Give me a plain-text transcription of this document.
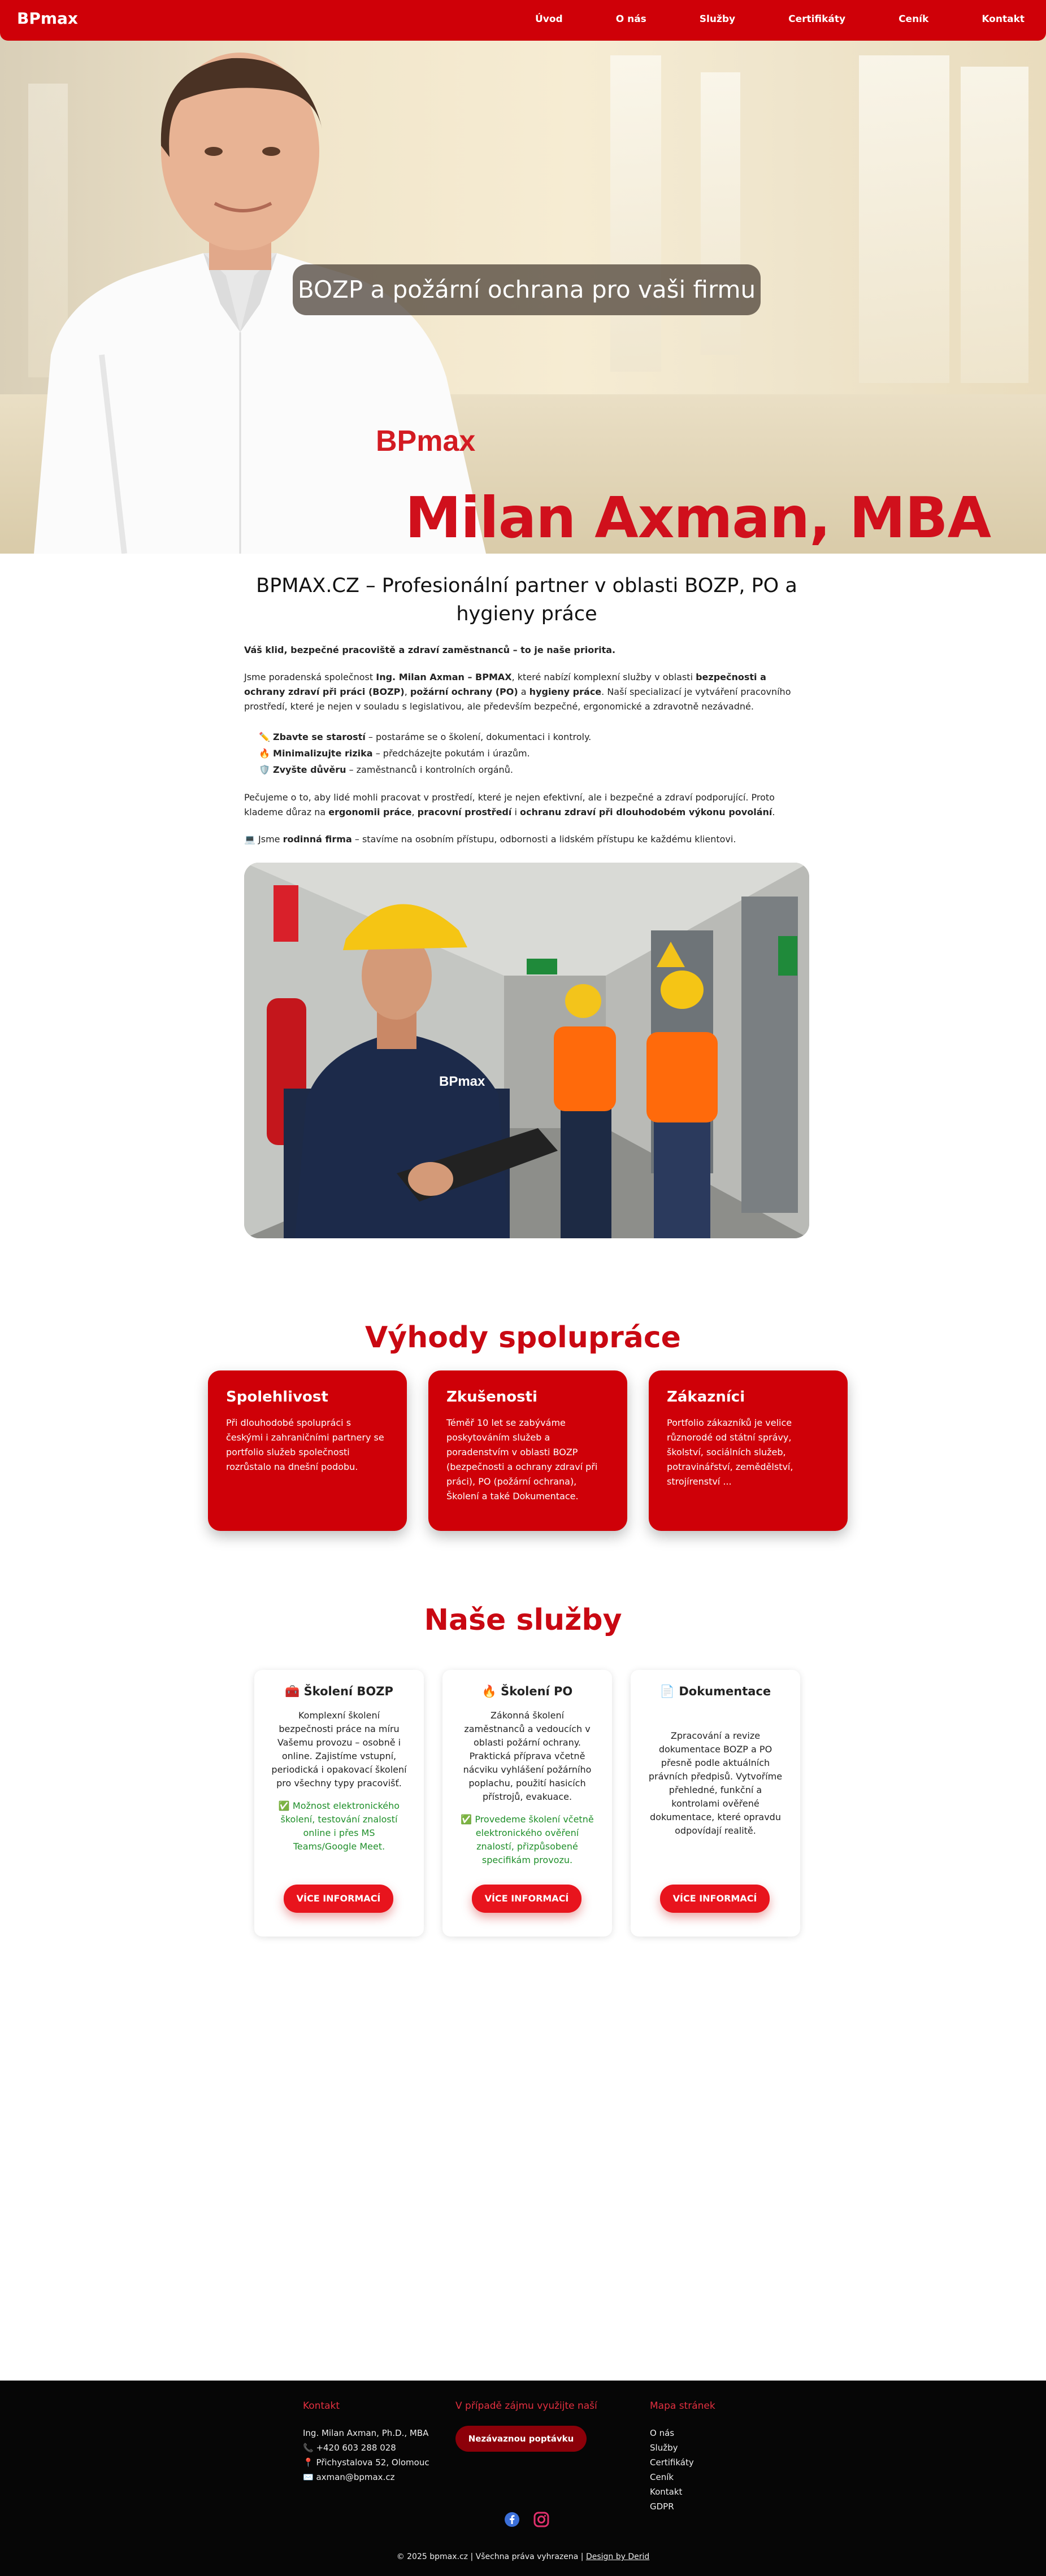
BPmax	Úvod	O nás	Služby	Certifikáty	Ceník	Kontakt
BPmax
BOZP a požární ochrana pro vaši firmu
Milan Axman, MBA
BPMAX.CZ – Profesionální partner v oblasti BOZP, PO a hygieny práce

Váš klid, bezpečné pracoviště a zdraví zaměstnanců – to je naše priorita.

Jsme poradenská společnost Ing. Milan Axman – BPMAX, které nabízí komplexní služby v oblasti bezpečnosti a ochrany zdraví při práci (BOZP), požární ochrany (PO) a hygieny práce. Naší specializací je vytváření pracovního prostředí, které je nejen v souladu s legislativou, ale především bezpečné, ergonomické a zdravotně nezávadné.

✏️ Zbavte se starostí – postaráme se o školení, dokumentaci i kontroly.
🔥 Minimalizujte rizika – předcházejte pokutám i úrazům.
🛡️ Zvyšte důvěru – zaměstnanců i kontrolních orgánů.

Pečujeme o to, aby lidé mohli pracovat v prostředí, které je nejen efektivní, ale i bezpečné a zdraví podporující. Proto klademe důraz na ergonomii práce, pracovní prostředí i ochranu zdraví při dlouhodobém výkonu povolání.

💻 Jsme rodinná firma – stavíme na osobním přístupu, odbornosti a lidském přístupu ke každému klientovi.

BPmax
Výhody spolupráce
Spolehlivost

Při dlouhodobé spolupráci s českými i zahraničními partnery se portfolio služeb společnosti rozrůstalo na dnešní podobu.

Zkušenosti

Téměř 10 let se zabýváme poskytováním služeb a poradenstvím v oblasti BOZP (bezpečnosti a ochrany zdraví při práci), PO (požární ochrana), Školení a také Dokumentace.

Zákazníci

Portfolio zákazníků je velice různorodé od státní správy, školství, sociálních služeb, potravinářství, zemědělství, strojírenství ...

Naše služby
🧰 Školení BOZP

Komplexní školení bezpečnosti práce na míru Vašemu provozu – osobně i online. Zajistíme vstupní, periodická i opakovací školení pro všechny typy pracovišť.

✅ Možnost elektronického školení, testování znalostí online i přes MS Teams/Google Meet.

VÍCE INFORMACÍ
🔥 Školení PO

Zákonná školení zaměstnanců a vedoucích v oblasti požární ochrany. Praktická příprava včetně nácviku vyhlášení požárního poplachu, použití hasicích přístrojů, evakuace.

✅ Provedeme školení včetně elektronického ověření znalostí, přizpůsobené specifikám provozu.

VÍCE INFORMACÍ
📄 Dokumentace

Zpracování a revize dokumentace BOZP a PO přesně podle aktuálních právních předpisů. Vytvoříme přehledné, funkční a kontrolami ověřené dokumentace, které opravdu odpovídají realitě.

VÍCE INFORMACÍ
Kontakt
Ing. Milan Axman, Ph.D., MBA
📞 +420 603 288 028
📍 Přichystalova 52, Olomouc
✉️ axman@bpmax.cz
V případě zájmu využijte naší
Nezávaznou poptávku
Mapa stránek
O nás
Služby
Certifikáty
Ceník
Kontakt
GDPR
© 2025 bpmax.cz | Všechna práva vyhrazena | Design by Derid
